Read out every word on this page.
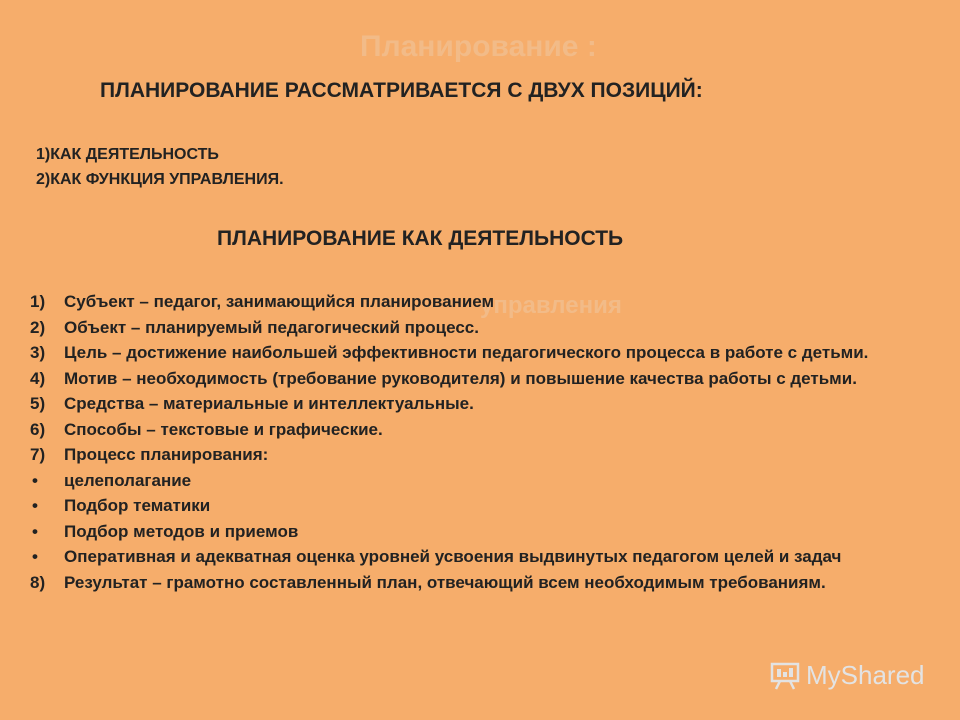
Планирование :
управления
ПЛАНИРОВАНИЕ РАССМАТРИВАЕТСЯ С ДВУХ ПОЗИЦИЙ:
1)КАК ДЕЯТЕЛЬНОСТЬ
2)КАК ФУНКЦИЯ УПРАВЛЕНИЯ.
ПЛАНИРОВАНИЕ КАК ДЕЯТЕЛЬНОСТЬ
1)	Субъект – педагог, занимающийся планированием
2)	Объект – планируемый педагогический процесс.
3)	Цель – достижение наибольшей эффективности педагогического процесса в работе с детьми.
4)	Мотив – необходимость (требование руководителя) и повышение качества работы с детьми.
5)	Средства – материальные и интеллектуальные.
6)	Способы – текстовые и графические.
7)	Процесс планирования:
•	целеполагание
•	Подбор тематики
•	Подбор методов и приемов
•	Оперативная и адекватная оценка уровней усвоения выдвинутых педагогом целей и задач
8)	Результат – грамотно составленный план, отвечающий всем необходимым требованиям.
MyShared
